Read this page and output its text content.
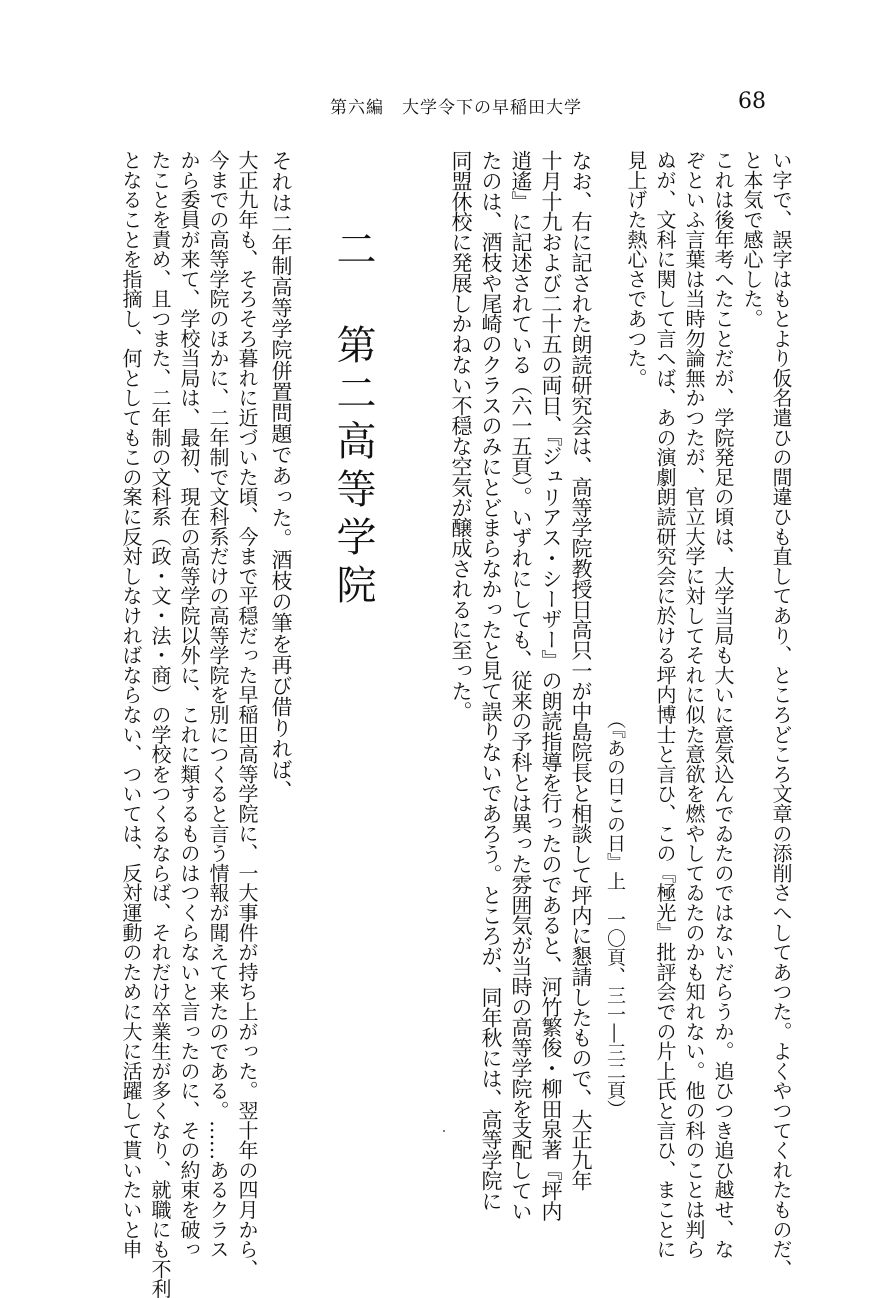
第六編　大学令下の早稲田大学	68
い字で、誤字はもとより仮名遣ひの間違ひも直してあり、ところどころ文章の添削さへしてあつた。よくやつてくれたものだ、
と本気で感心した。
これは後年考へたことだが、学院発足の頃は、大学当局も大いに意気込んでゐたのではないだらうか。追ひつき追ひ越せ、な
ぞといふ言葉は当時勿論無かつたが、官立大学に対してそれに似た意欲を燃やしてゐたのかも知れない。他の科のことは判ら
ぬが、文科に関して言へば、あの演劇朗読研究会に於ける坪内博士と言ひ、この『極光』批評会での片上氏と言ひ、まことに
見上げた熱心さであつた。
（『あの日この日』上　一〇頁、三一―三二頁）
なお、右に記された朗読研究会は、高等学院教授日高只一が中島院長と相談して坪内に懇請したもので、大正九年
十月十九および二十五の両日、『ジュリアス・シーザー』の朗読指導を行ったのであると、河竹繁俊・柳田泉著『坪内
逍遙』に記述されている（六一五頁）。いずれにしても、従来の予科とは異った雰囲気が当時の高等学院を支配してい
たのは、酒枝や尾崎のクラスのみにとどまらなかったと見て誤りないであろう。ところが、同年秋には、高等学院に
同盟休校に発展しかねない不穏な空気が醸成されるに至った。
二　第二高等学院
それは二年制高等学院併置問題であった。酒枝の筆を再び借りれば、
大正九年も、そろそろ暮れに近づいた頃、今まで平穏だった早稲田高等学院に、一大事件が持ち上がった。翌十年の四月から、
今までの高等学院のほかに、二年制で文科系だけの高等学院を別につくると言う情報が聞えて来たのである。……あるクラス
から委員が来て、学校当局は、最初、現在の高等学院以外に、これに類するものはつくらないと言ったのに、その約束を破っ
たことを責め、且つまた、二年制の文科系（政・文・法・商）の学校をつくるならば、それだけ卒業生が多くなり、就職にも不利
となることを指摘し、何としてもこの案に反対しなければならない、ついては、反対運動のために大に活躍して貰いたいと申
